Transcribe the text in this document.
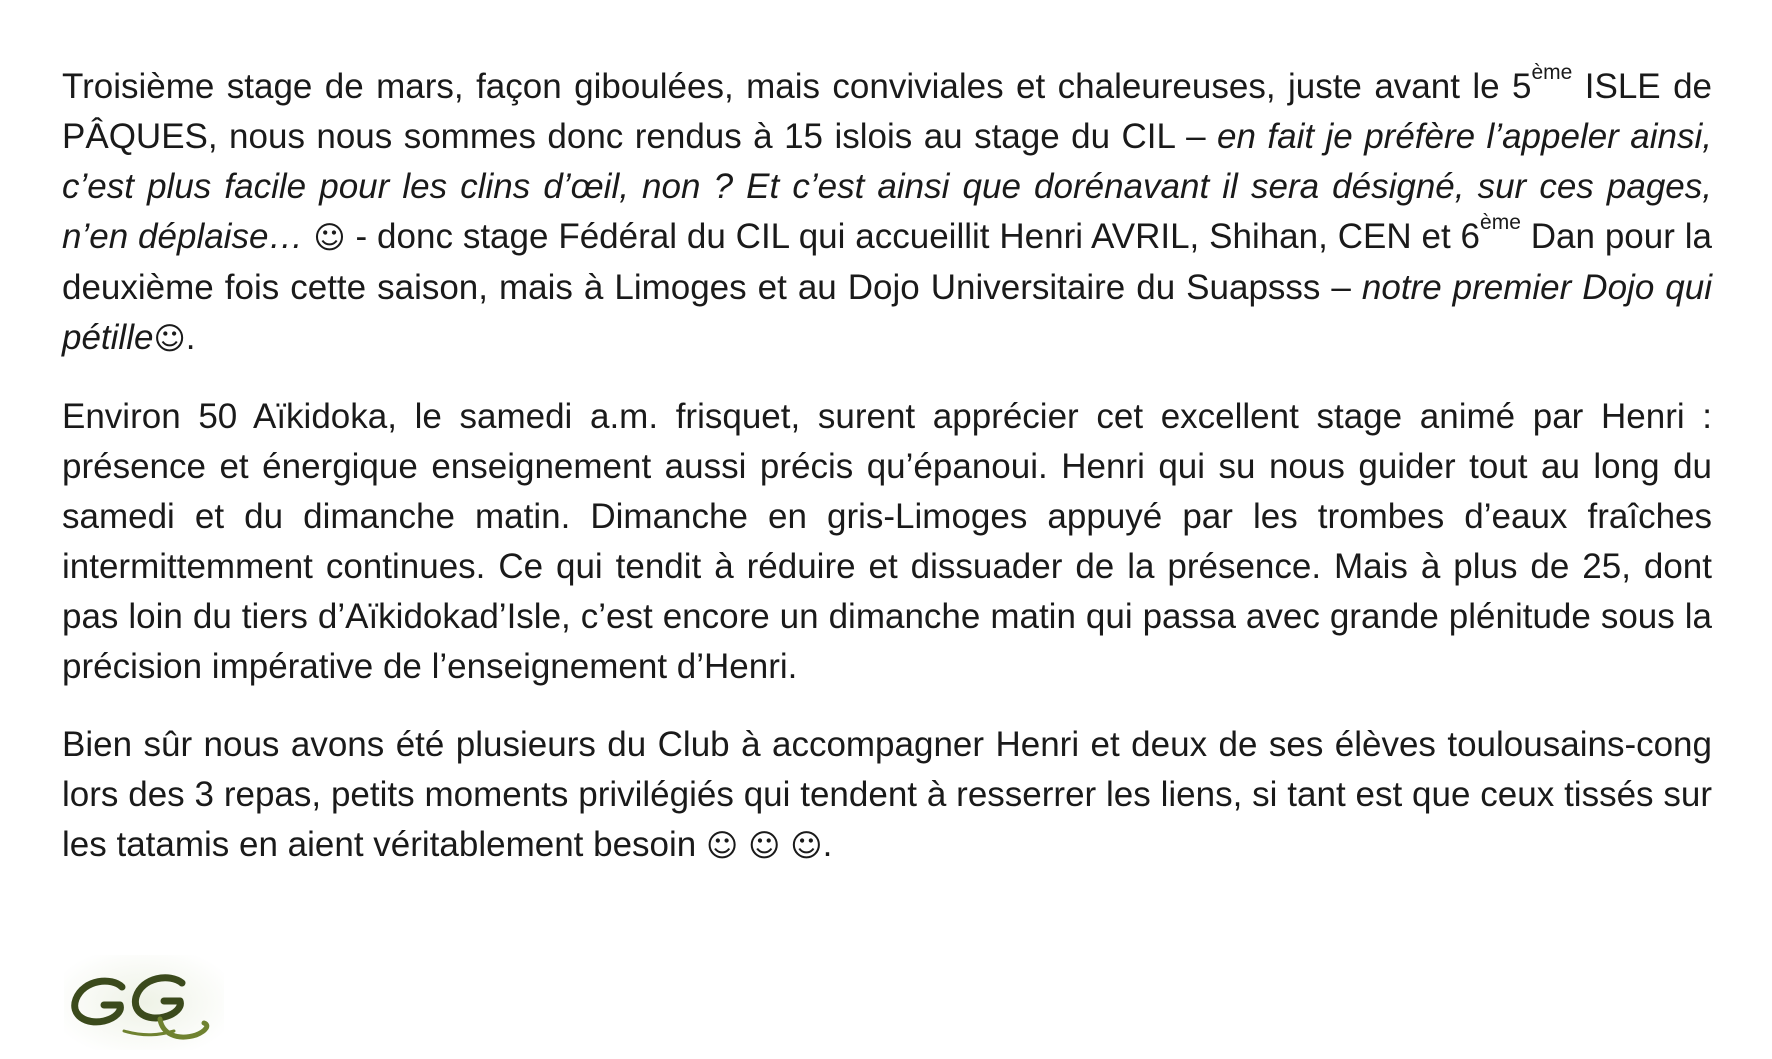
Troisième stage de mars, façon giboulées, mais conviviales et chaleureuses, juste avant le 5ème ISLE de PÂQUES, nous nous sommes donc rendus à 15 islois au stage du CIL – en fait je préfère l’appeler ainsi, c’est plus facile pour les clins d’œil, non ? Et c’est ainsi que dorénavant il sera désigné, sur ces pages, n’en déplaise… ☺ - donc stage Fédéral du CIL qui accueillit Henri AVRIL, Shihan, CEN et 6ème Dan pour la deuxième fois cette saison, mais à Limoges et au Dojo Universitaire du Suapsss – notre premier Dojo qui pétille☺.

Environ 50 Aïkidoka, le samedi a.m. frisquet, surent apprécier cet excellent stage animé par Henri : présence et énergique enseignement aussi précis qu’épanoui. Henri qui su nous guider tout au long du samedi et du dimanche matin. Dimanche en gris-Limoges appuyé par les trombes d’eaux fraîches intermittemment continues. Ce qui tendit à réduire et dissuader de la présence. Mais à plus de 25, dont pas loin du tiers d’Aïkidokad’Isle, c’est encore un dimanche matin qui passa avec grande plénitude sous la précision impérative de l’enseignement d’Henri.

Bien sûr nous avons été plusieurs du Club à accompagner Henri et deux de ses élèves toulousains-cong lors des 3 repas, petits moments privilégiés qui tendent à resserrer les liens, si tant est que ceux tissés sur les tatamis en aient véritablement besoin ☺ ☺ ☺.
